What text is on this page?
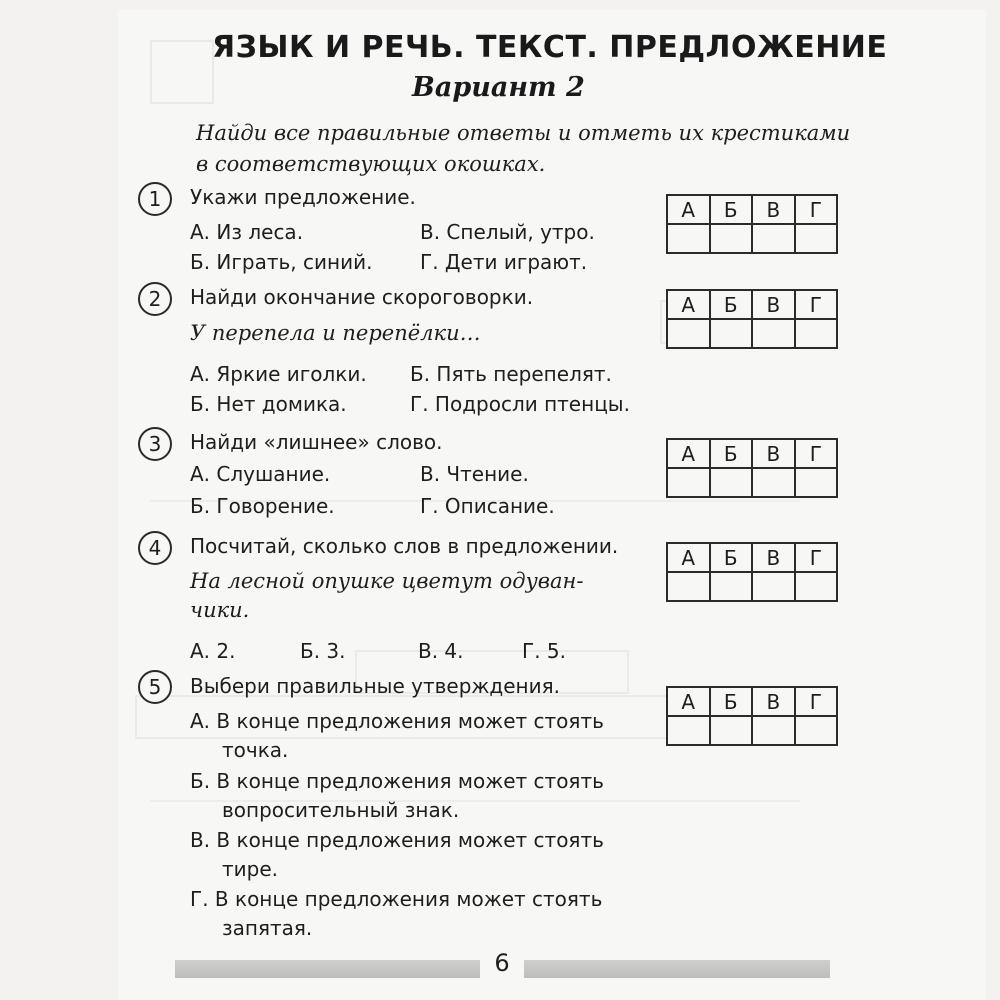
ЯЗЫК И РЕЧЬ. ТЕКСТ. ПРЕДЛОЖЕНИЕ
Вариант 2
Найди все правильные ответы и отметь их крестиками в соответствующих окошках.
1	Укажи предложение.
А. Из леса.	В. Спелый, утро.
Б. Играть, синий. Г. Дети играют.
А	Б	В	Г

2	Найди окончание скороговорки.
У перепела и перепёлки…
А. Яркие иголки. Б. Пять перепелят.
Б. Нет домика.	Г. Подросли птенцы.
А	Б	В	Г

3	Найди «лишнее» слово.
А. Слушание.	В. Чтение.
Б. Говорение.	Г. Описание.
А	Б	В	Г

4	Посчитай, сколько слов в предложении.
На лесной опушке цветут одуван-
чики.
А. 2.	Б. 3.	В. 4.	Г. 5.
А	Б	В	Г

5	Выбери правильные утверждения.
А. В конце предложения может стоять
точка.
Б. В конце предложения может стоять
вопросительный знак.
В. В конце предложения может стоять
тире.
Г. В конце предложения может стоять
запятая.
А	Б	В	Г

6
